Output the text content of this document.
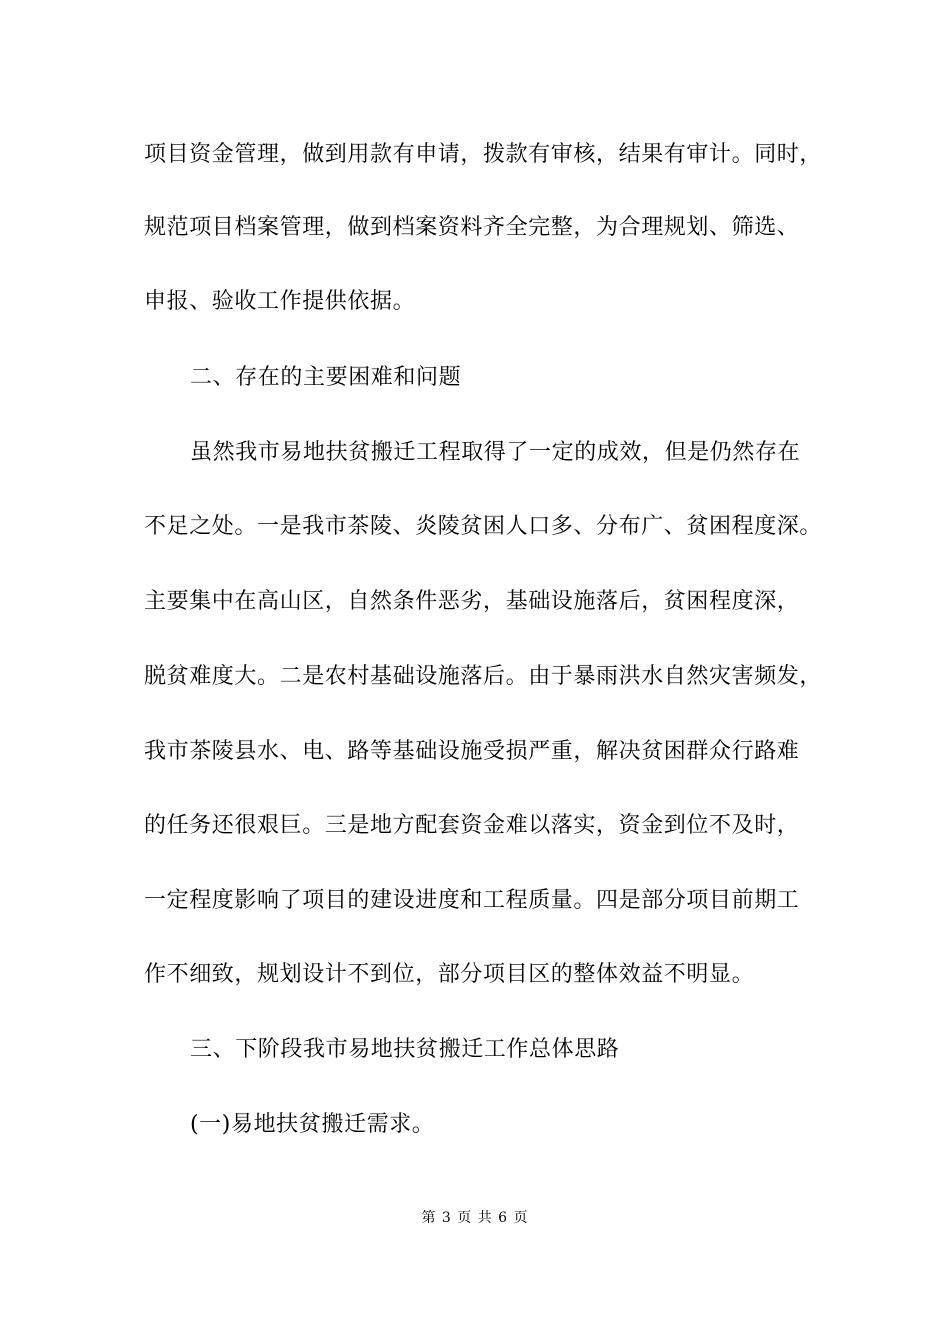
项目资金管理，做到用款有申请，拨款有审核，结果有审计。同时，
规范项目档案管理，做到档案资料齐全完整，为合理规划、筛选、
申报、验收工作提供依据。
二、存在的主要困难和问题
虽然我市易地扶贫搬迁工程取得了一定的成效，但是仍然存在
不足之处。一是我市茶陵、炎陵贫困人口多、分布广、贫困程度深。
主要集中在高山区，自然条件恶劣，基础设施落后，贫困程度深，
脱贫难度大。二是农村基础设施落后。由于暴雨洪水自然灾害频发，
我市茶陵县水、电、路等基础设施受损严重，解决贫困群众行路难
的任务还很艰巨。三是地方配套资金难以落实，资金到位不及时，
一定程度影响了项目的建设进度和工程质量。四是部分项目前期工
作不细致，规划设计不到位，部分项目区的整体效益不明显。
三、下阶段我市易地扶贫搬迁工作总体思路
(一)易地扶贫搬迁需求。
第 3 页 共 6 页
